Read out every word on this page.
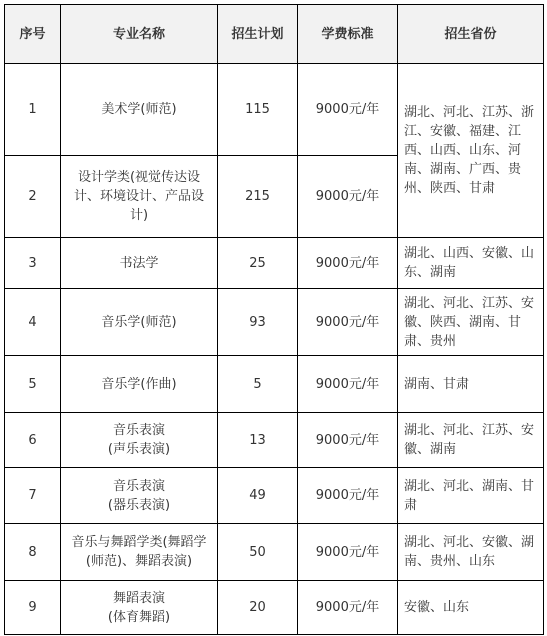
序号	专业名称	招生计划	学费标准	招生省份
1	美术学(师范)	115	9000元/年	湖北、河北、江苏、浙江、安徽、福建、江西、山西、山东、河南、湖南、广西、贵州、陕西、甘肃
2	设计学类(视觉传达设计、环境设计、产品设计)	215	9000元/年	
3	书法学	25	9000元/年	湖北、山西、安徽、山东、湖南
4	音乐学(师范)	93	9000元/年	湖北、河北、江苏、安徽、陕西、湖南、甘肃、贵州
5	音乐学(作曲)	5	9000元/年	湖南、甘肃
6	音乐表演
(声乐表演)	13	9000元/年	湖北、河北、江苏、安徽、湖南
7	音乐表演
(器乐表演)	49	9000元/年	湖北、河北、湖南、甘肃
8	音乐与舞蹈学类(舞蹈学(师范)、舞蹈表演)	50	9000元/年	湖北、河北、安徽、湖南、贵州、山东
9	舞蹈表演
(体育舞蹈)	20	9000元/年	安徽、山东
